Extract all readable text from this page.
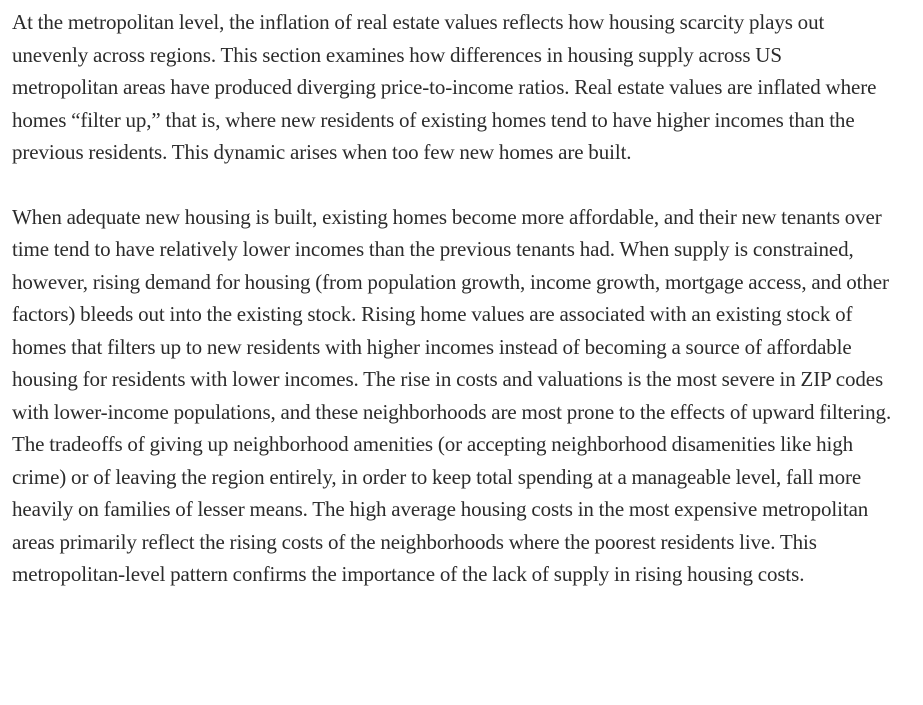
At the metropolitan level, the inflation of real estate values reflects how housing scarcity plays out unevenly across regions. This section examines how differences in housing supply across US metropolitan areas have produced diverging price-to-income ratios. Real estate values are inflated where homes “filter up,” that is, where new residents of existing homes tend to have higher incomes than the previous residents. This dynamic arises when too few new homes are built.

When adequate new housing is built, existing homes become more affordable, and their new tenants over time tend to have relatively lower incomes than the previous tenants had. When supply is constrained, however, rising demand for housing (from population growth, income growth, mortgage access, and other factors) bleeds out into the existing stock. Rising home values are associated with an existing stock of homes that filters up to new residents with higher incomes instead of becoming a source of affordable housing for residents with lower incomes. The rise in costs and valuations is the most severe in ZIP codes with lower-income populations, and these neighborhoods are most prone to the effects of upward filtering. The tradeoffs of giving up neighborhood amenities (or accepting neighborhood disamenities like high crime) or of leaving the region entirely, in order to keep total spending at a manageable level, fall more heavily on families of lesser means. The high average housing costs in the most expensive metropolitan areas primarily reflect the rising costs of the neighborhoods where the poorest residents live. This metropolitan-level pattern confirms the importance of the lack of supply in rising housing costs.
